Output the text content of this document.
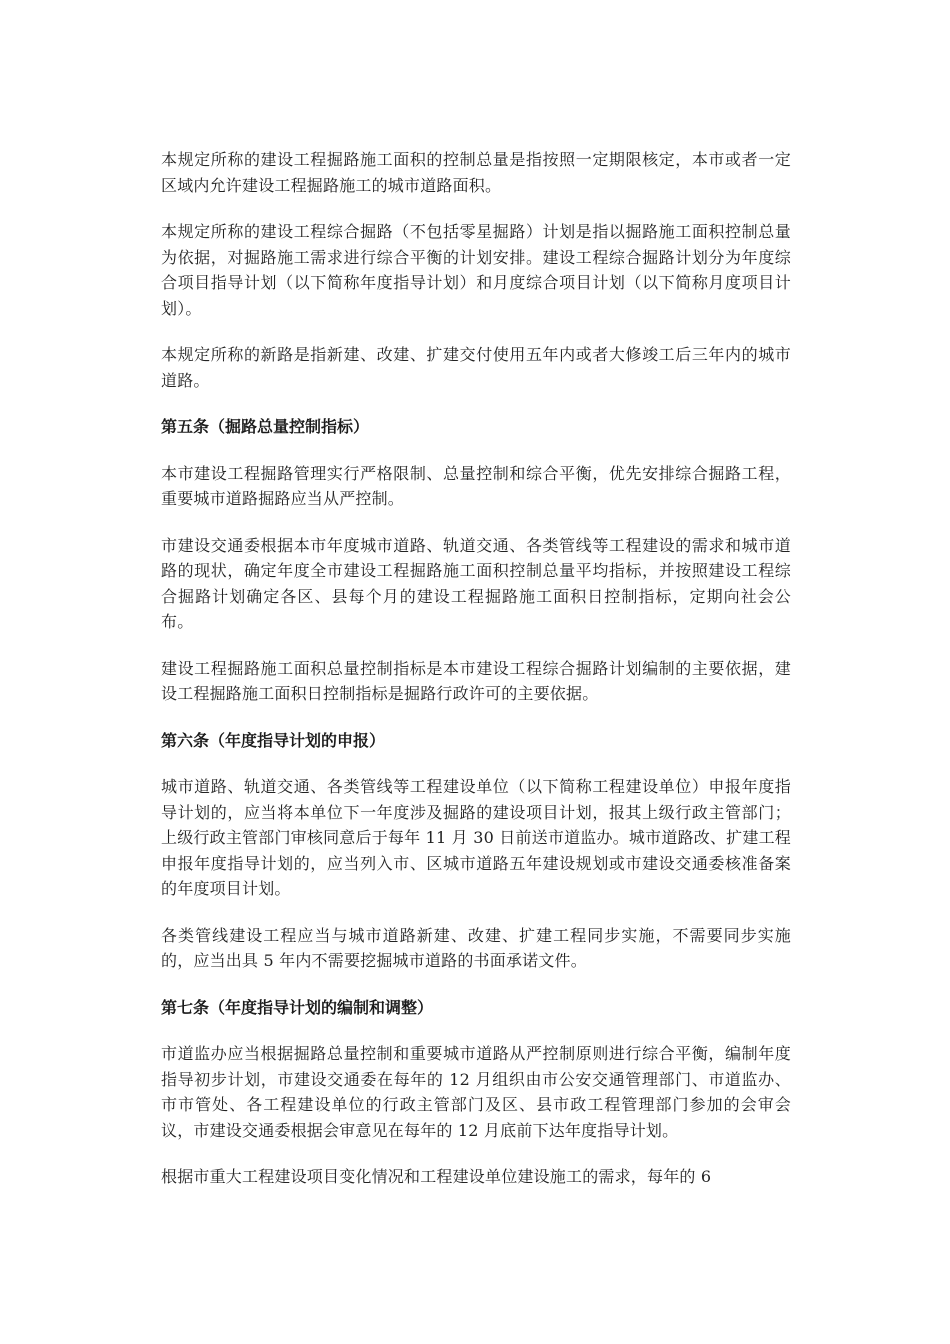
本规定所称的建设工程掘路施工面积的控制总量是指按照一定期限核定，本市或者一定区域内允许建设工程掘路施工的城市道路面积。

本规定所称的建设工程综合掘路（不包括零星掘路）计划是指以掘路施工面积控制总量为依据，对掘路施工需求进行综合平衡的计划安排。建设工程综合掘路计划分为年度综合项目指导计划（以下简称年度指导计划）和月度综合项目计划（以下简称月度项目计划）。

本规定所称的新路是指新建、改建、扩建交付使用五年内或者大修竣工后三年内的城市道路。

第五条（掘路总量控制指标）

本市建设工程掘路管理实行严格限制、总量控制和综合平衡，优先安排综合掘路工程，重要城市道路掘路应当从严控制。

市建设交通委根据本市年度城市道路、轨道交通、各类管线等工程建设的需求和城市道路的现状，确定年度全市建设工程掘路施工面积控制总量平均指标，并按照建设工程综合掘路计划确定各区、县每个月的建设工程掘路施工面积日控制指标，定期向社会公布。

建设工程掘路施工面积总量控制指标是本市建设工程综合掘路计划编制的主要依据，建设工程掘路施工面积日控制指标是掘路行政许可的主要依据。

第六条（年度指导计划的申报）

城市道路、轨道交通、各类管线等工程建设单位（以下简称工程建设单位）申报年度指导计划的，应当将本单位下一年度涉及掘路的建设项目计划，报其上级行政主管部门；上级行政主管部门审核同意后于每年 11 月 30 日前送市道监办。城市道路改、扩建工程申报年度指导计划的，应当列入市、区城市道路五年建设规划或市建设交通委核准备案的年度项目计划。

各类管线建设工程应当与城市道路新建、改建、扩建工程同步实施，不需要同步实施的，应当出具 5 年内不需要挖掘城市道路的书面承诺文件。

第七条（年度指导计划的编制和调整）

市道监办应当根据掘路总量控制和重要城市道路从严控制原则进行综合平衡，编制年度指导初步计划，市建设交通委在每年的 12 月组织由市公安交通管理部门、市道监办、市市管处、各工程建设单位的行政主管部门及区、县市政工程管理部门参加的会审会议，市建设交通委根据会审意见在每年的 12 月底前下达年度指导计划。

根据市重大工程建设项目变化情况和工程建设单位建设施工的需求，每年的 6
